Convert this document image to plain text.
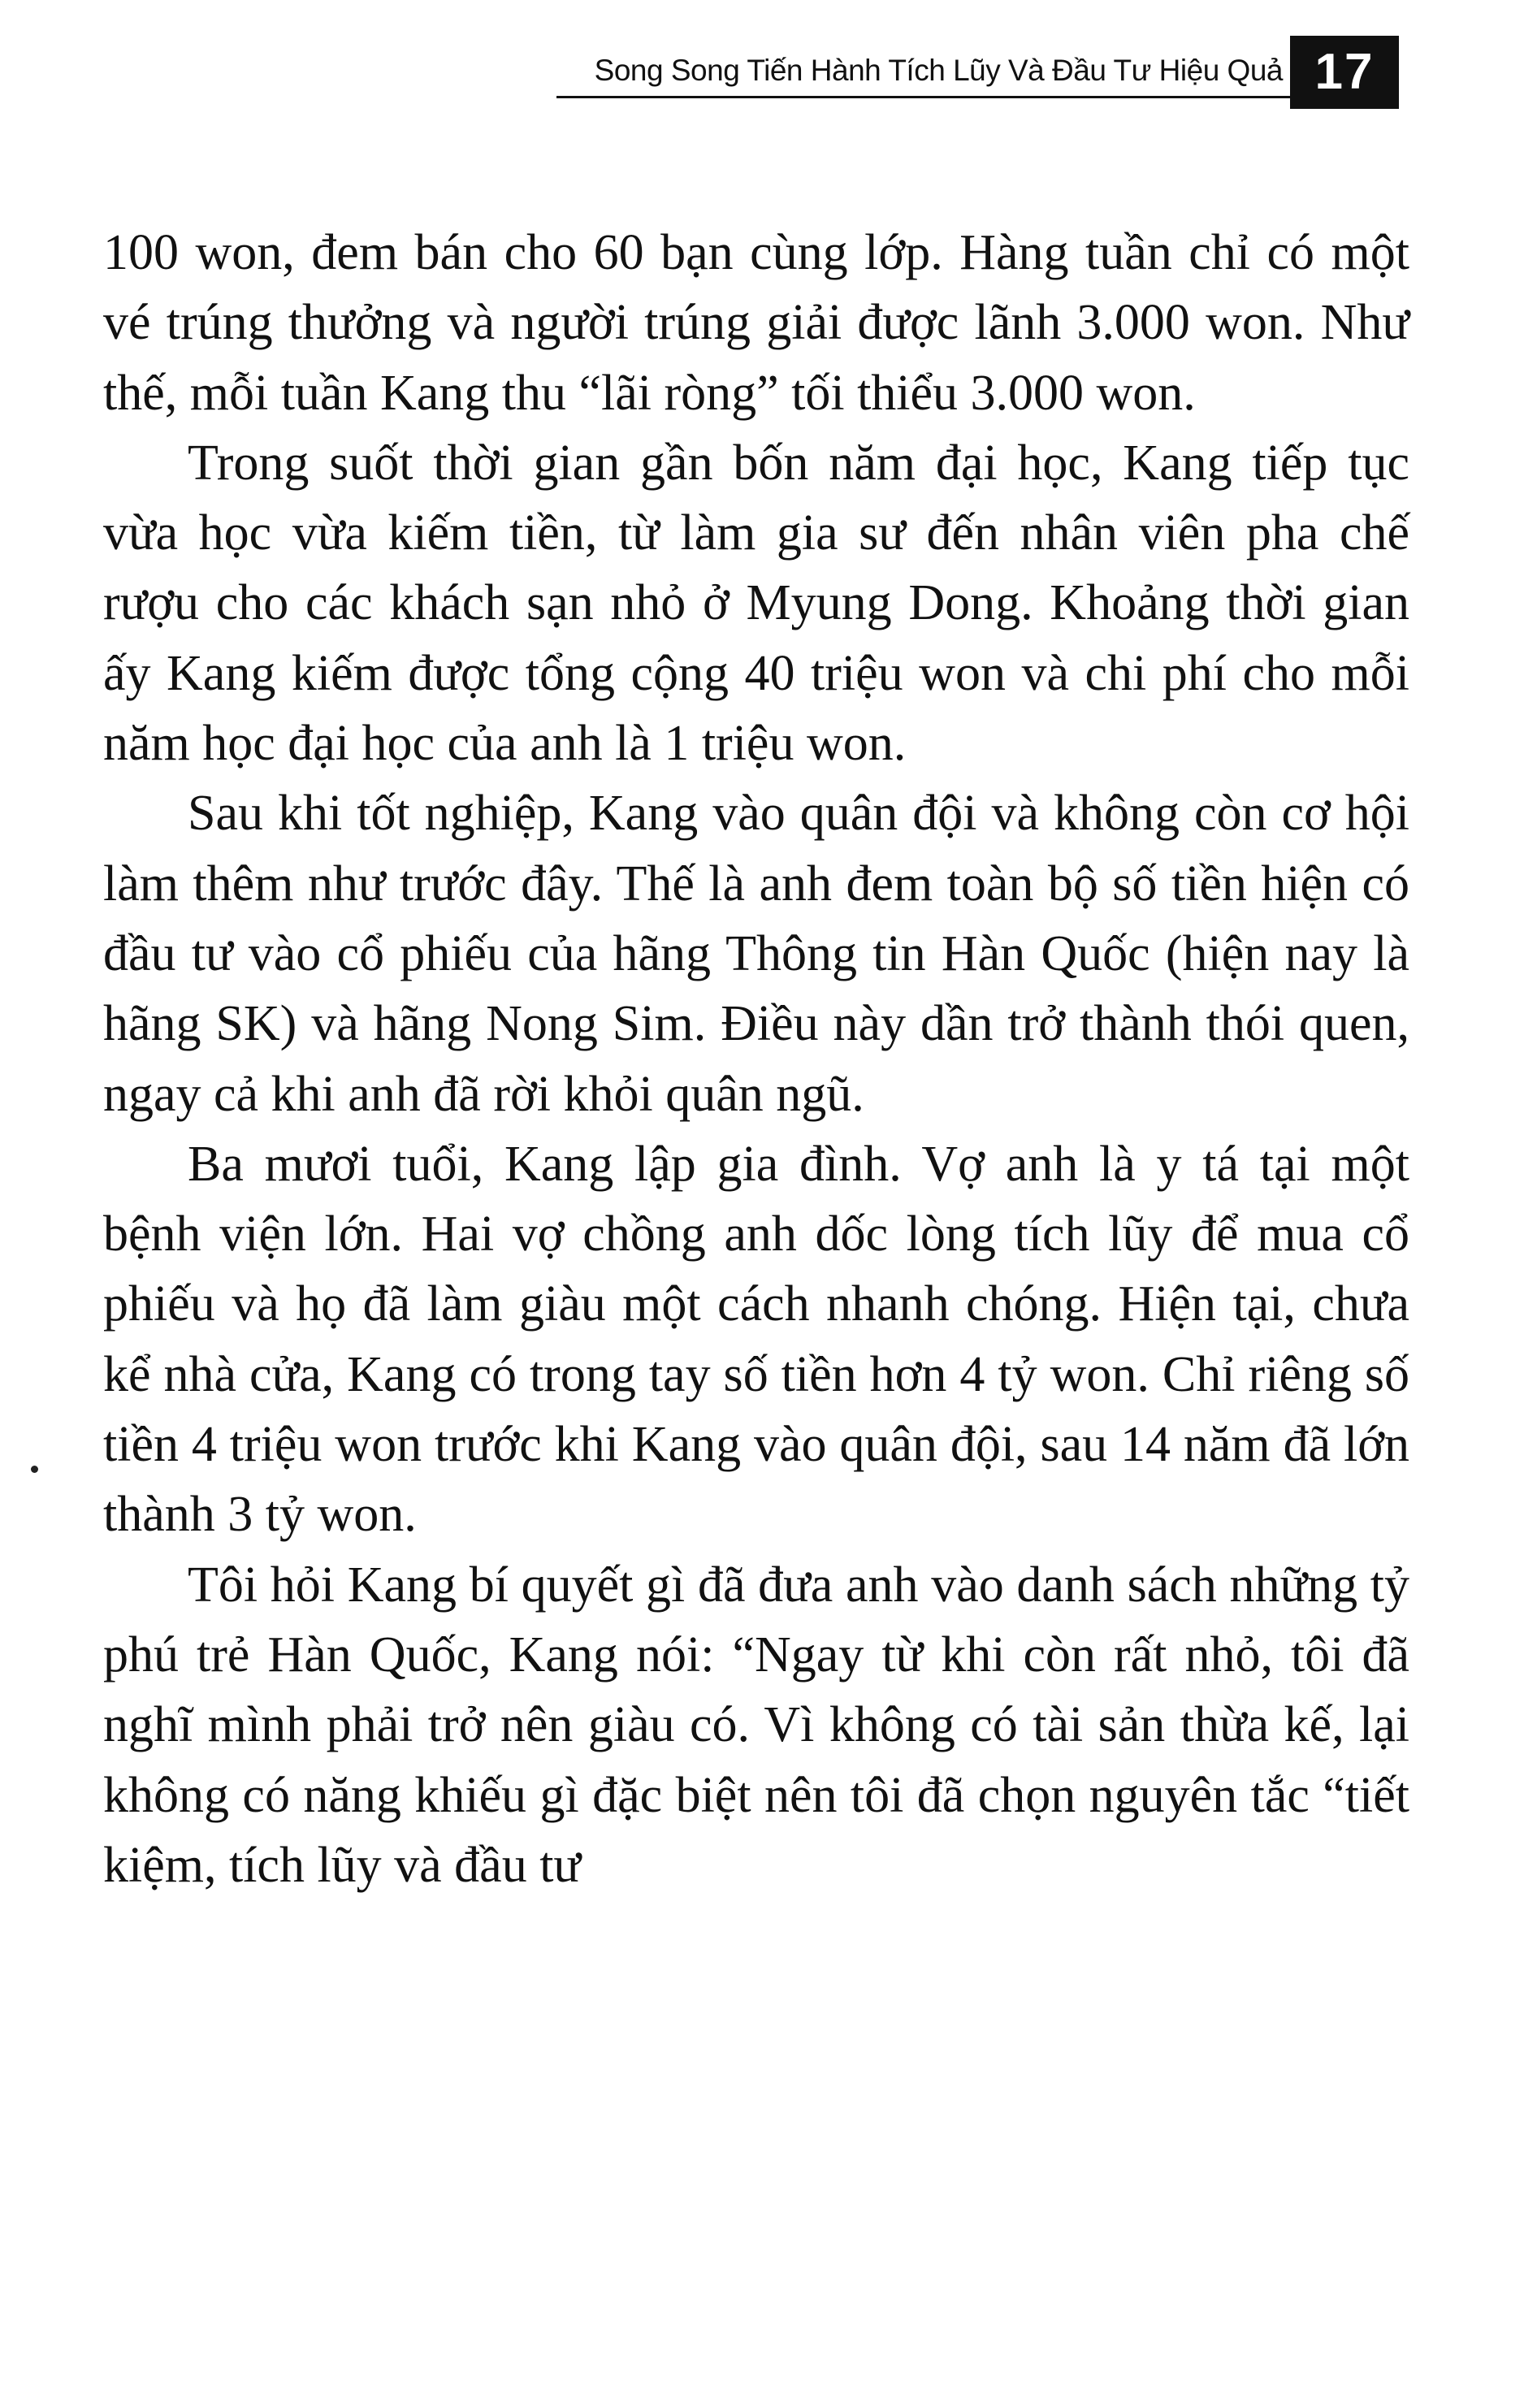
Song Song Tiến Hành Tích Lũy Và Đầu Tư Hiệu Quả 17

100 won, đem bán cho 60 bạn cùng lớp. Hàng tuần chỉ có một vé trúng thưởng và người trúng giải được lãnh 3.000 won. Như thế, mỗi tuần Kang thu “lãi ròng” tối thiểu 3.000 won.

Trong suốt thời gian gần bốn năm đại học, Kang tiếp tục vừa học vừa kiếm tiền, từ làm gia sư đến nhân viên pha chế rượu cho các khách sạn nhỏ ở Myung Dong. Khoảng thời gian ấy Kang kiếm được tổng cộng 40 triệu won và chi phí cho mỗi năm học đại học của anh là 1 triệu won.

Sau khi tốt nghiệp, Kang vào quân đội và không còn cơ hội làm thêm như trước đây. Thế là anh đem toàn bộ số tiền hiện có đầu tư vào cổ phiếu của hãng Thông tin Hàn Quốc (hiện nay là hãng SK) và hãng Nong Sim. Điều này dần trở thành thói quen, ngay cả khi anh đã rời khỏi quân ngũ.

Ba mươi tuổi, Kang lập gia đình. Vợ anh là y tá tại một bệnh viện lớn. Hai vợ chồng anh dốc lòng tích lũy để mua cổ phiếu và họ đã làm giàu một cách nhanh chóng. Hiện tại, chưa kể nhà cửa, Kang có trong tay số tiền hơn 4 tỷ won. Chỉ riêng số tiền 4 triệu won trước khi Kang vào quân đội, sau 14 năm đã lớn thành 3 tỷ won.

Tôi hỏi Kang bí quyết gì đã đưa anh vào danh sách những tỷ phú trẻ Hàn Quốc, Kang nói: “Ngay từ khi còn rất nhỏ, tôi đã nghĩ mình phải trở nên giàu có. Vì không có tài sản thừa kế, lại không có năng khiếu gì đặc biệt nên tôi đã chọn nguyên tắc “tiết kiệm, tích lũy và đầu tư
